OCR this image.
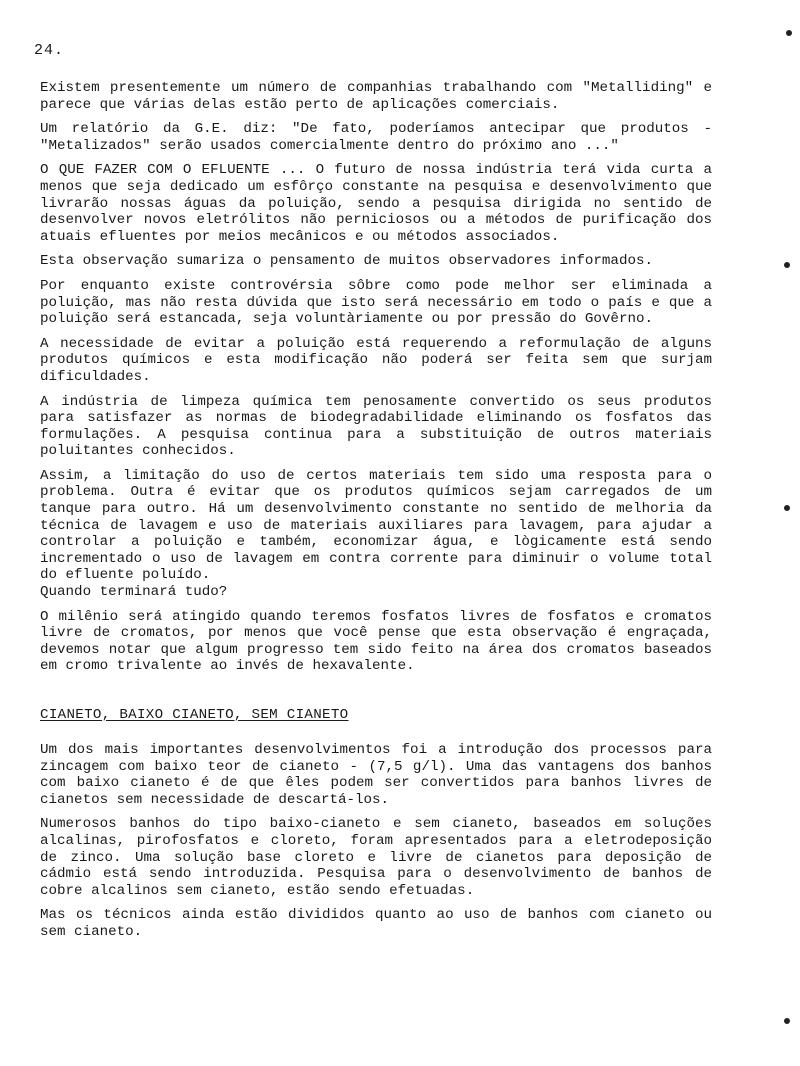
24.

Existem presentemente um número de companhias trabalhando com "Metalliding" e parece que várias delas estão perto de aplicações comerciais.

Um relatório da G.E. diz: "De fato, poderíamos antecipar que produtos - "Metalizados" serão usados comercialmente dentro do próximo ano ..."

O QUE FAZER COM O EFLUENTE ... O futuro de nossa indústria terá vida curta a menos que seja dedicado um esfôrço constante na pesquisa e desenvolvimento que livrarão nossas águas da poluição, sendo a pesquisa dirigida no sentido de desenvolver novos eletrólitos não perniciosos ou a métodos de purificação dos atuais efluentes por meios mecânicos e ou métodos associados.

Esta observação sumariza o pensamento de muitos observadores informados.

Por enquanto existe controvérsia sôbre como pode melhor ser eliminada a poluição, mas não resta dúvida que isto será necessário em todo o país e que a poluição será estancada, seja voluntàriamente ou por pressão do Govêrno.

A necessidade de evitar a poluição está requerendo a reformulação de alguns produtos químicos e esta modificação não poderá ser feita sem que surjam dificuldades.

A indústria de limpeza química tem penosamente convertido os seus produtos para satisfazer as normas de biodegradabilidade eliminando os fosfatos das formulações. A pesquisa continua para a substituição de outros materiais poluitantes conhecidos.

Assim, a limitação do uso de certos materiais tem sido uma resposta para o problema. Outra é evitar que os produtos químicos sejam carregados de um tanque para outro. Há um desenvolvimento constante no sentido de melhoria da técnica de lavagem e uso de materiais auxiliares para lavagem, para ajudar a controlar a poluição e também, economizar água, e lògicamente está sendo incrementado o uso de lavagem em contra corrente para diminuir o volume total do efluente poluído.

Quando terminará tudo?

O milênio será atingido quando teremos fosfatos livres de fosfatos e cromatos livre de cromatos, por menos que você pense que esta observação é engraçada, devemos notar que algum progresso tem sido feito na área dos cromatos baseados em cromo trivalente ao invés de hexavalente.

CIANETO, BAIXO CIANETO, SEM CIANETO

Um dos mais importantes desenvolvimentos foi a introdução dos processos para zincagem com baixo teor de cianeto - (7,5 g/l). Uma das vantagens dos banhos com baixo cianeto é de que êles podem ser convertidos para banhos livres de cianetos sem necessidade de descartá-los.

Numerosos banhos do tipo baixo-cianeto e sem cianeto, baseados em soluções alcalinas, pirofosfatos e cloreto, foram apresentados para a eletrodeposição de zinco. Uma solução base cloreto e livre de cianetos para deposição de cádmio está sendo introduzida. Pesquisa para o desenvolvimento de banhos de cobre alcalinos sem cianeto, estão sendo efetuadas.

Mas os técnicos ainda estão divididos quanto ao uso de banhos com cianeto ou sem cianeto.
